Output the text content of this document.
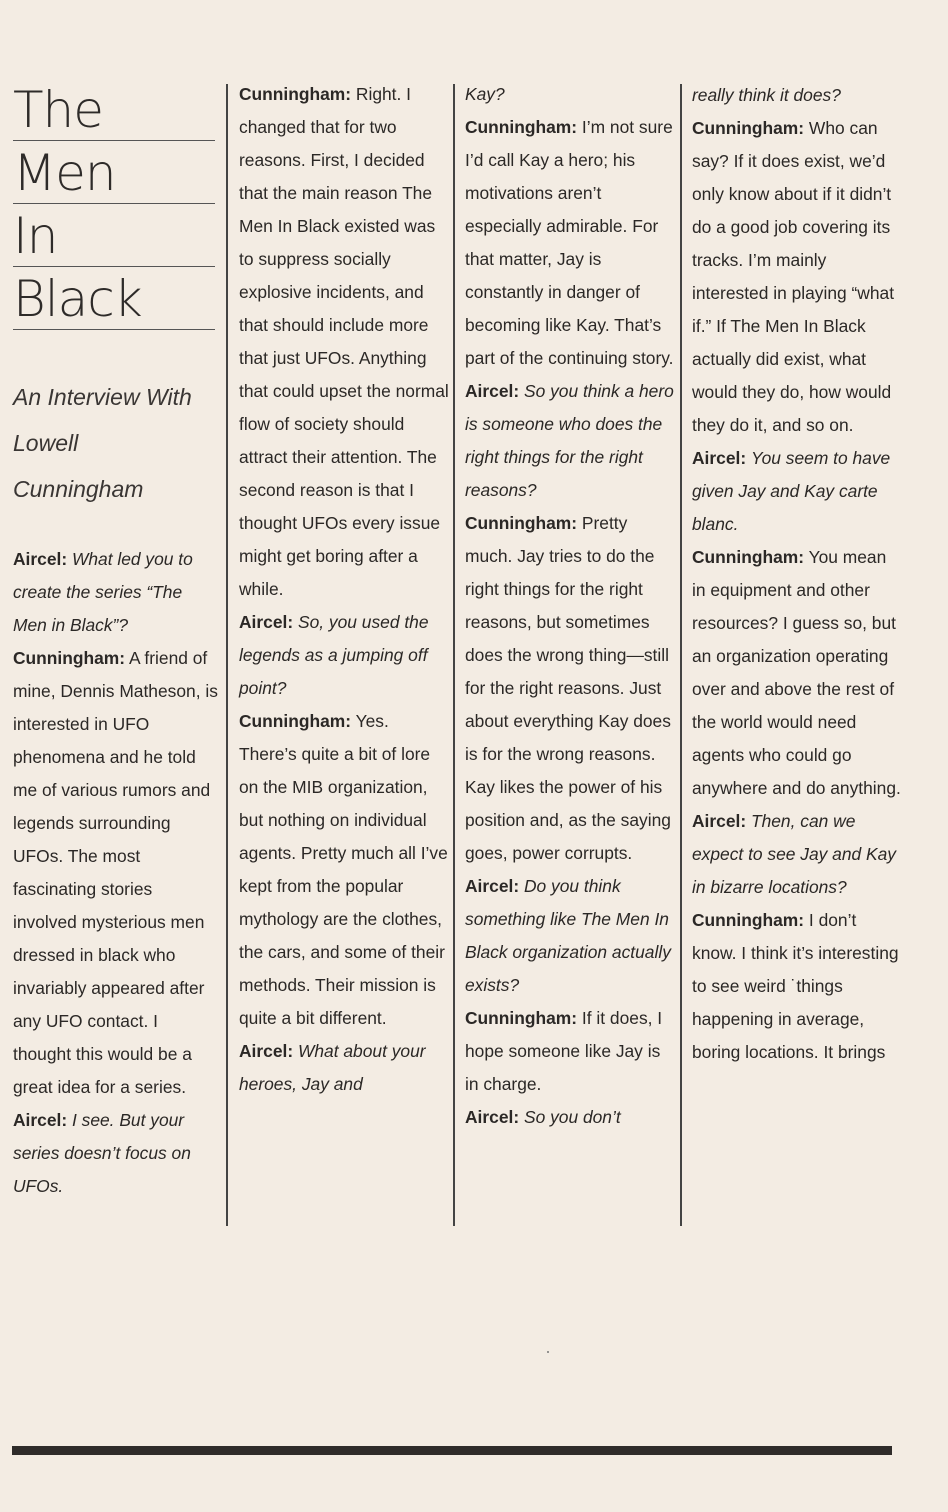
The
Men
In
Black
An Interview With
Lowell
Cunningham

Aircel: What led you to create the series “The Men in Black”?

Cunningham: A friend of mine, Dennis Matheson, is interested in UFO phenomena and he told me of various rumors and legends surrounding UFOs. The most fascinating stories involved mysterious men dressed in black who invariably appeared after any UFO contact. I thought this would be a great idea for a series.

Aircel: I see. But your series doesn’t focus on UFOs.

Cunningham: Right. I changed that for two reasons. First, I decided that the main reason The Men In Black existed was to suppress socially explosive incidents, and that should include more that just UFOs. Anything that could upset the normal flow of society should attract their attention. The second reason is that I thought UFOs every issue might get boring after a while.

Aircel: So, you used the legends as a jumping off point?

Cunningham: Yes. There’s quite a bit of lore on the MIB organization, but nothing on individual agents. Pretty much all I’ve kept from the popular mythology are the clothes, the cars, and some of their methods. Their mission is quite a bit different.

Aircel: What about your heroes, Jay and

Kay?

Cunningham: I’m not sure I’d call Kay a hero; his motivations aren’t especially admirable. For that matter, Jay is constantly in danger of becoming like Kay. That’s part of the continuing story.

Aircel: So you think a hero is someone who does the right things for the right reasons?

Cunningham: Pretty much. Jay tries to do the right things for the right reasons, but sometimes does the wrong thing—still for the right reasons. Just about everything Kay does is for the wrong reasons. Kay likes the power of his position and, as the saying goes, power corrupts.

Aircel: Do you think something like The Men In Black organization actually exists?

Cunningham: If it does, I hope someone like Jay is in charge.

Aircel: So you don’t

really think it does?

Cunningham: Who can say? If it does exist, we’d only know about if it didn’t do a good job covering its tracks. I’m mainly interested in playing “what if.” If The Men In Black actually did exist, what would they do, how would they do it, and so on.

Aircel: You seem to have given Jay and Kay carte blanc.

Cunningham: You mean in equipment and other resources? I guess so, but an organization operating over and above the rest of the world would need agents who could go anywhere and do anything.

Aircel: Then, can we expect to see Jay and Kay in bizarre locations?

Cunningham: I don’t know. I think it’s interesting to see weird ˙things happening in average, boring locations. It brings
